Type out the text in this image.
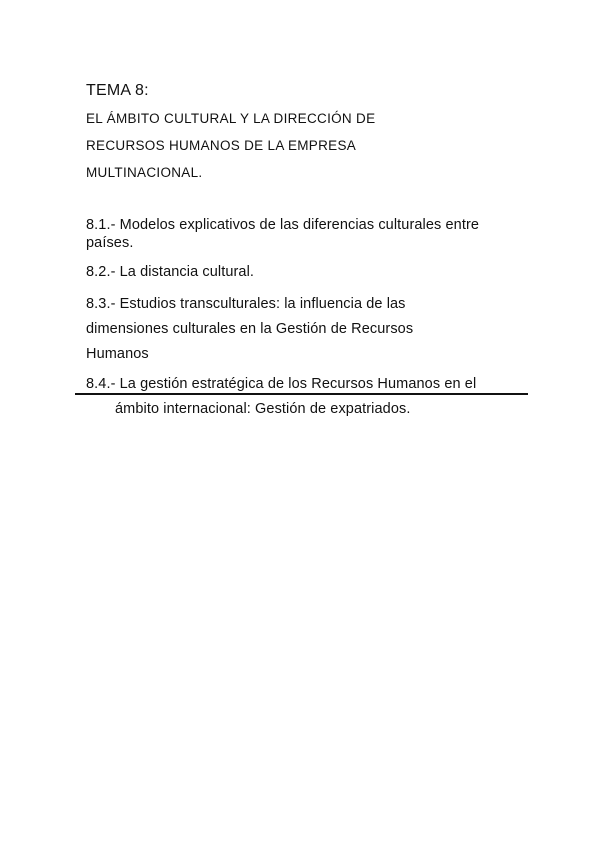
TEMA 8:
EL ÁMBITO CULTURAL Y LA DIRECCIÓN DE
RECURSOS HUMANOS DE LA EMPRESA
MULTINACIONAL.
8.1.- Modelos explicativos de las diferencias culturales entre
países.
8.2.- La distancia cultural.
8.3.- Estudios transculturales: la influencia de las
dimensiones culturales en la Gestión de Recursos
Humanos
8.4.- La gestión estratégica de los Recursos Humanos en el
ámbito internacional: Gestión de expatriados.
